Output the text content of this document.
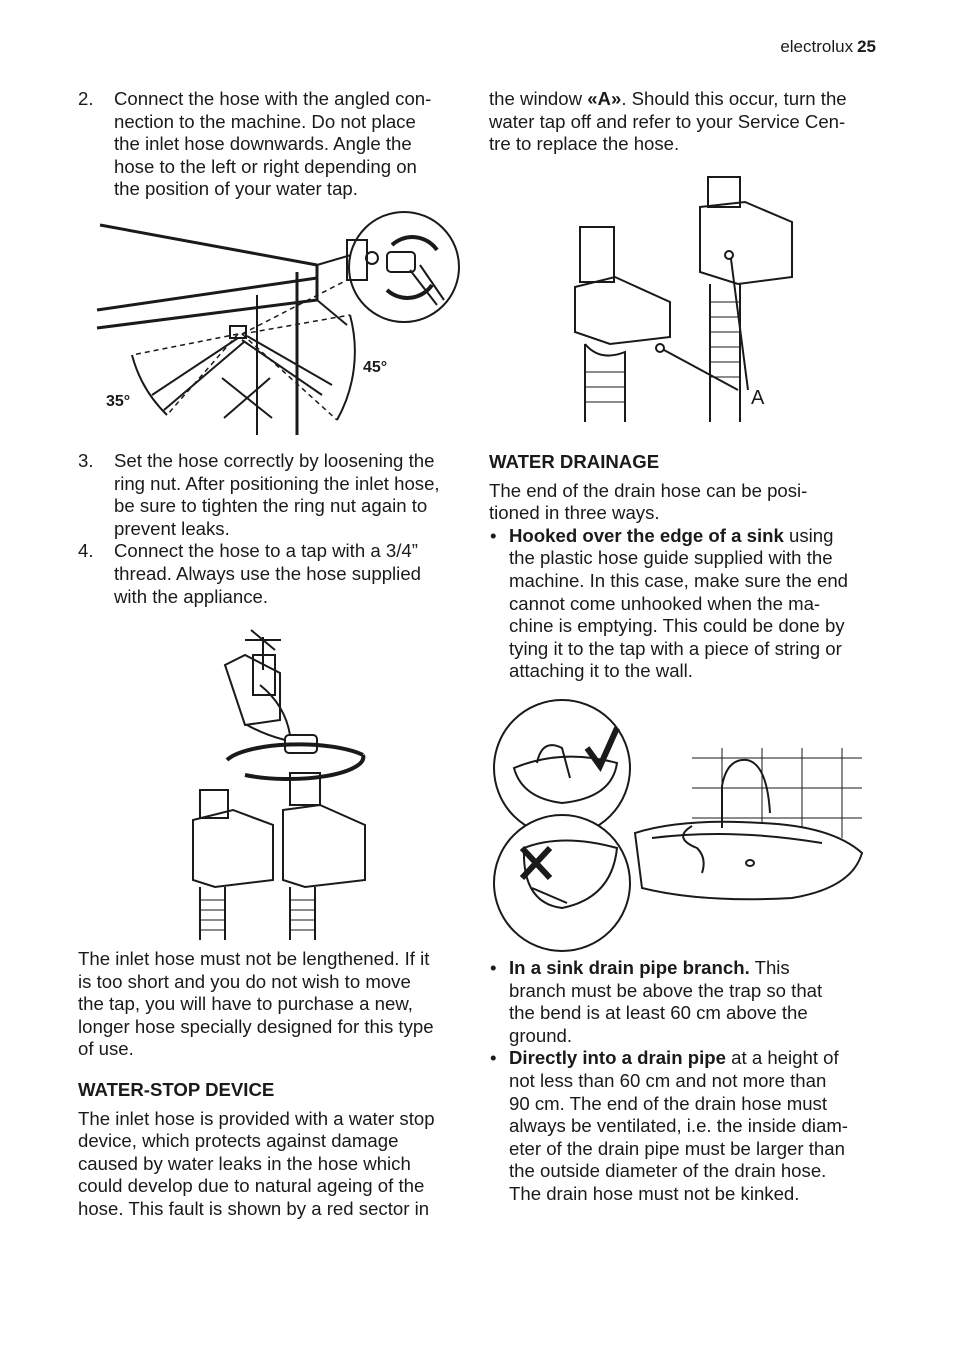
electrolux 25
2. Connect the hose with the angled con-
nection to the machine. Do not place
the inlet hose downwards. Angle the
hose to the left or right depending on
the position of your water tap.
35°
45°
3. Set the hose correctly by loosening the
ring nut. After positioning the inlet hose,
be sure to tighten the ring nut again to
prevent leaks.
4. Connect the hose to a tap with a 3/4”
thread. Always use the hose supplied
with the appliance.
The inlet hose must not be lengthened. If it
is too short and you do not wish to move
the tap, you will have to purchase a new,
longer hose specially designed for this type
of use.
WATER-STOP DEVICE
The inlet hose is provided with a water stop
device, which protects against damage
caused by water leaks in the hose which
could develop due to natural ageing of the
hose. This fault is shown by a red sector in
the window «A». Should this occur, turn the
water tap off and refer to your Service Cen-
tre to replace the hose.
A
WATER DRAINAGE
The end of the drain hose can be posi-
tioned in three ways.
• Hooked over the edge of a sink using
the plastic hose guide supplied with the
machine. In this case, make sure the end
cannot come unhooked when the ma-
chine is emptying. This could be done by
tying it to the tap with a piece of string or
attaching it to the wall.
• In a sink drain pipe branch. This
branch must be above the trap so that
the bend is at least 60 cm above the
ground.
• Directly into a drain pipe at a height of
not less than 60 cm and not more than
90 cm. The end of the drain hose must
always be ventilated, i.e. the inside diam-
eter of the drain pipe must be larger than
the outside diameter of the drain hose.
The drain hose must not be kinked.
